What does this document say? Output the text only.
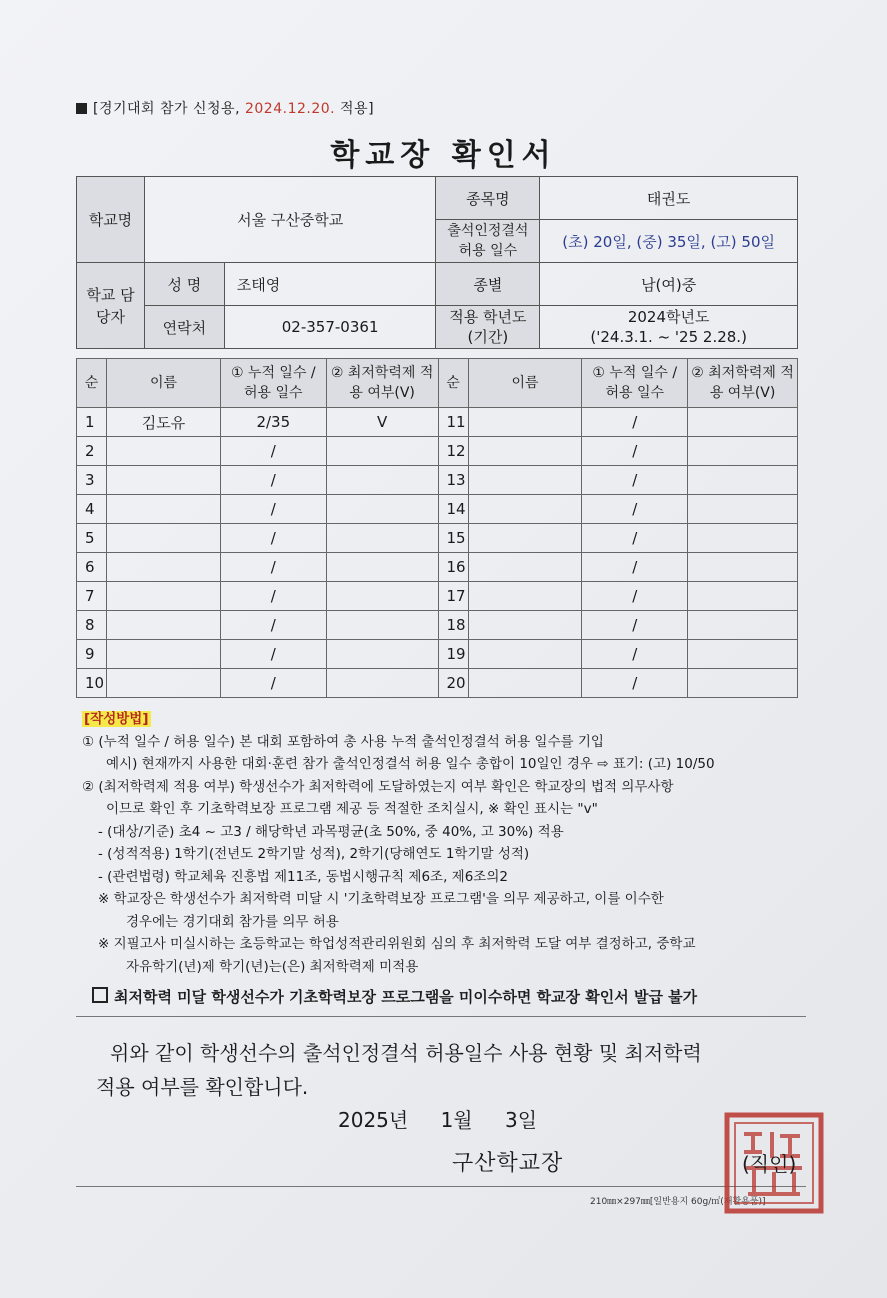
[경기대회 참가 신청용, 2024.12.20. 적용]
학교장 확인서
학교명	서울 구산중학교		종목명	태권도
			출석인정결석 허용 일수	(초) 20일, (중) 35일, (고) 50일
학교 담당자	성 명	조태영	종별	남(여)중
	연락처	02-357-0361	적용 학년도 (기간)	2024학년도
('24.3.1. ~ '25 2.28.)
순	이름	① 누적 일수 / 허용 일수	② 최저학력제 적용 여부(V)	순	이름	① 누적 일수 / 허용 일수	② 최저학력제 적용 여부(V)
1	김도유	2/35	V	11		/	
2		/		12		/	
3		/		13		/	
4		/		14		/	
5		/		15		/	
6		/		16		/	
7		/		17		/	
8		/		18		/	
9		/		19		/	
10		/		20		/	
[작성방법]
① (누적 일수 / 허용 일수) 본 대회 포함하여 총 사용 누적 출석인정결석 허용 일수를 기입
예시) 현재까지 사용한 대회·훈련 참가 출석인정결석 허용 일수 총합이 10일인 경우 ⇨ 표기: (고) 10/50
② (최저학력제 적용 여부) 학생선수가 최저학력에 도달하였는지 여부 확인은 학교장의 법적 의무사항
이므로 확인 후 기초학력보장 프로그램 제공 등 적절한 조치실시, ※ 확인 표시는 "v"
- (대상/기준) 초4 ~ 고3 / 해당학년 과목평균(초 50%, 중 40%, 고 30%) 적용
- (성적적용) 1학기(전년도 2학기말 성적), 2학기(당해연도 1학기말 성적)
- (관련법령) 학교체육 진흥법 제11조, 동법시행규칙 제6조, 제6조의2
※ 학교장은 학생선수가 최저학력 미달 시 '기초학력보장 프로그램'을 의무 제공하고, 이를 이수한
경우에는 경기대회 참가를 의무 허용
※ 지필고사 미실시하는 초등학교는 학업성적관리위원회 심의 후 최저학력 도달 여부 결정하고, 중학교
자유학기(년)제 학기(년)는(은) 최저학력제 미적용
최저학력 미달 학생선수가 기초학력보장 프로그램을 미이수하면 학교장 확인서 발급 불가
위와 같이 학생선수의 출석인정결석 허용일수 사용 현황 및 최저학력
적용 여부를 확인합니다.
2025년 1월 3일
구산학교장	(직인)
210㎜×297㎜[일반용지 60g/㎡(재활용품)]
